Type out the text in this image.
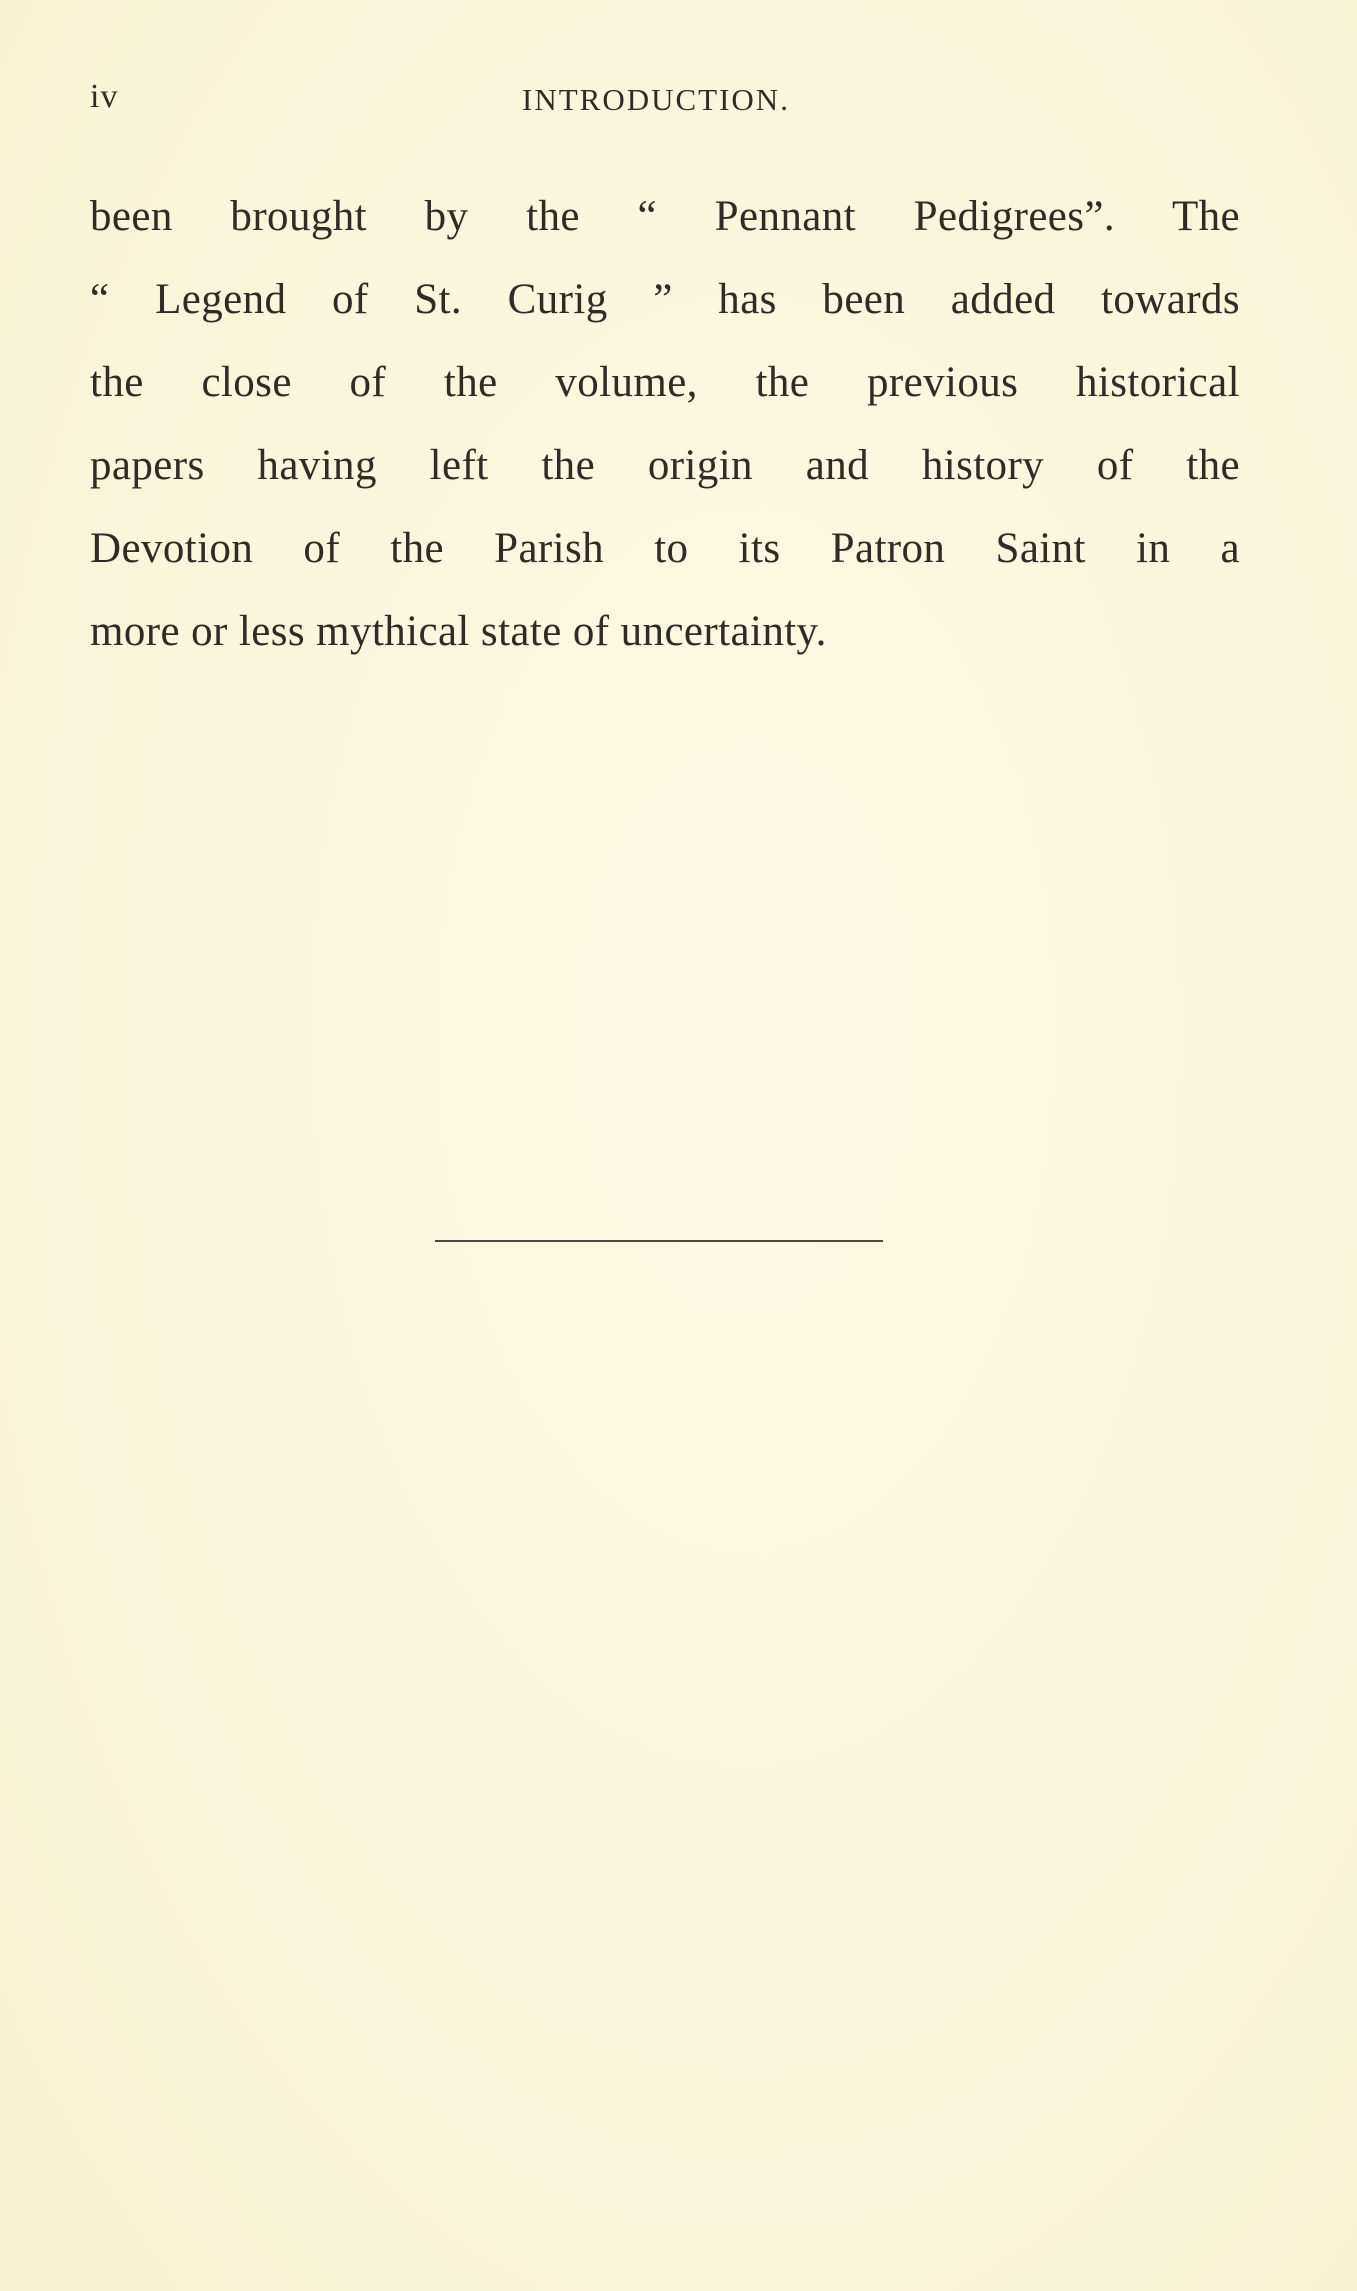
iv	INTRODUCTION.
been brought by the “ Pennant Pedigrees”. The
“ Legend of St. Curig ” has been added towards
the close of the volume, the previous historical
papers having left the origin and history of the
Devotion of the Parish to its Patron Saint in a
more or less mythical state of uncertainty.
